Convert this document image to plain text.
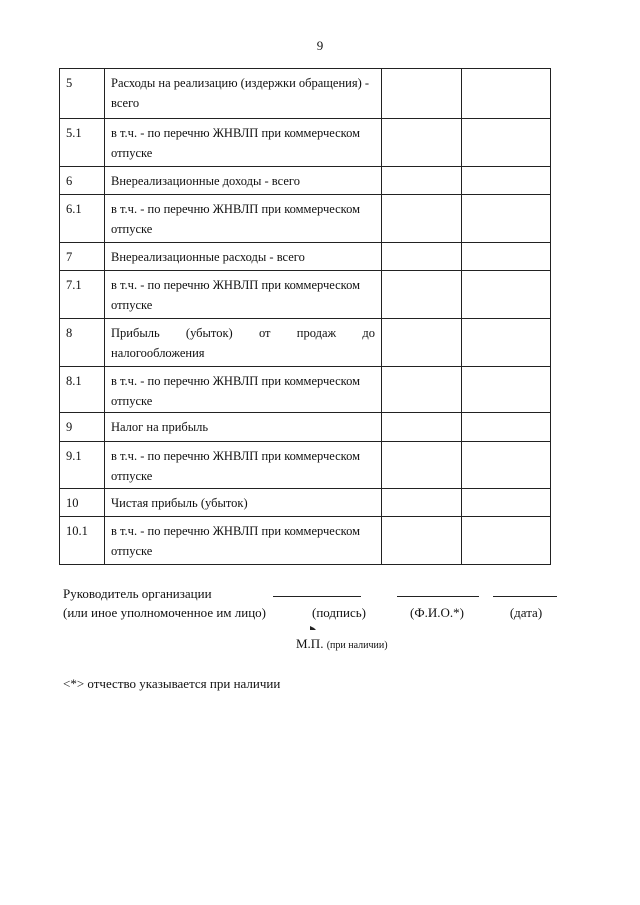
9
5	Расходы на реализацию (издержки обращения) - всего		
5.1	в т.ч. - по перечню ЖНВЛП при коммерческом отпуске		
6	Внереализационные доходы - всего		
6.1	в т.ч. - по перечню ЖНВЛП при коммерческом отпуске		
7	Внереализационные расходы - всего		
7.1	в т.ч. - по перечню ЖНВЛП при коммерческом отпуске		
8	Прибыль (убыток) от продаж до налогообложения		
8.1	в т.ч. - по перечню ЖНВЛП при коммерческом отпуске		
9	Налог на прибыль		
9.1	в т.ч. - по перечню ЖНВЛП при коммерческом отпуске		
10	Чистая прибыль (убыток)		
10.1	в т.ч. - по перечню ЖНВЛП при коммерческом отпуске		
Руководитель организации
(или иное уполномоченное им лицо)	(подпись)	(Ф.И.О.*)	(дата)
М.П. (при наличии)
<*> отчество указывается при наличии
